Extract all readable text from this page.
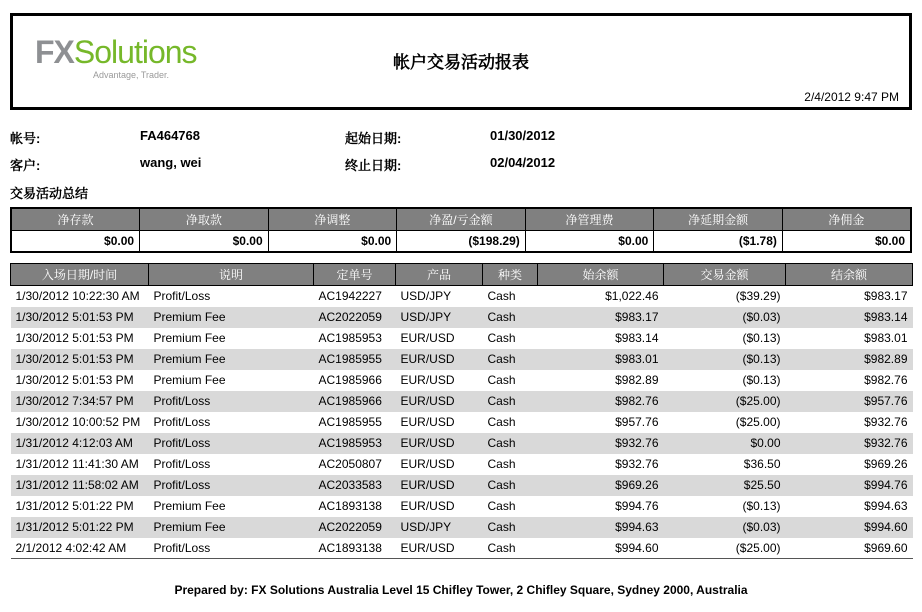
FXSolutions
Advantage, Trader.
帐户交易活动报表
2/4/2012 9:47 PM
帐号:	FA464768	起始日期:	01/30/2012
客户:	wang, wei	终止日期:	02/04/2012
交易活动总结
净存款	净取款	净调整	净盈/亏金额	净管理费	净延期金额	净佣金
$0.00	$0.00	$0.00	($198.29)	$0.00	($1.78)	$0.00
入场日期/时间	说明	定单号	产品	种类	始余额	交易金额	结余额
1/30/2012 10:22:30 AM	Profit/Loss	AC1942227	USD/JPY	Cash	$1,022.46	($39.29)	$983.17
1/30/2012 5:01:53 PM	Premium Fee	AC2022059	USD/JPY	Cash	$983.17	($0.03)	$983.14
1/30/2012 5:01:53 PM	Premium Fee	AC1985953	EUR/USD	Cash	$983.14	($0.13)	$983.01
1/30/2012 5:01:53 PM	Premium Fee	AC1985955	EUR/USD	Cash	$983.01	($0.13)	$982.89
1/30/2012 5:01:53 PM	Premium Fee	AC1985966	EUR/USD	Cash	$982.89	($0.13)	$982.76
1/30/2012 7:34:57 PM	Profit/Loss	AC1985966	EUR/USD	Cash	$982.76	($25.00)	$957.76
1/30/2012 10:00:52 PM	Profit/Loss	AC1985955	EUR/USD	Cash	$957.76	($25.00)	$932.76
1/31/2012 4:12:03 AM	Profit/Loss	AC1985953	EUR/USD	Cash	$932.76	$0.00	$932.76
1/31/2012 11:41:30 AM	Profit/Loss	AC2050807	EUR/USD	Cash	$932.76	$36.50	$969.26
1/31/2012 11:58:02 AM	Profit/Loss	AC2033583	EUR/USD	Cash	$969.26	$25.50	$994.76
1/31/2012 5:01:22 PM	Premium Fee	AC1893138	EUR/USD	Cash	$994.76	($0.13)	$994.63
1/31/2012 5:01:22 PM	Premium Fee	AC2022059	USD/JPY	Cash	$994.63	($0.03)	$994.60
2/1/2012 4:02:42 AM	Profit/Loss	AC1893138	EUR/USD	Cash	$994.60	($25.00)	$969.60
Prepared by: FX Solutions Australia Level 15 Chifley Tower, 2 Chifley Square, Sydney 2000, Australia
